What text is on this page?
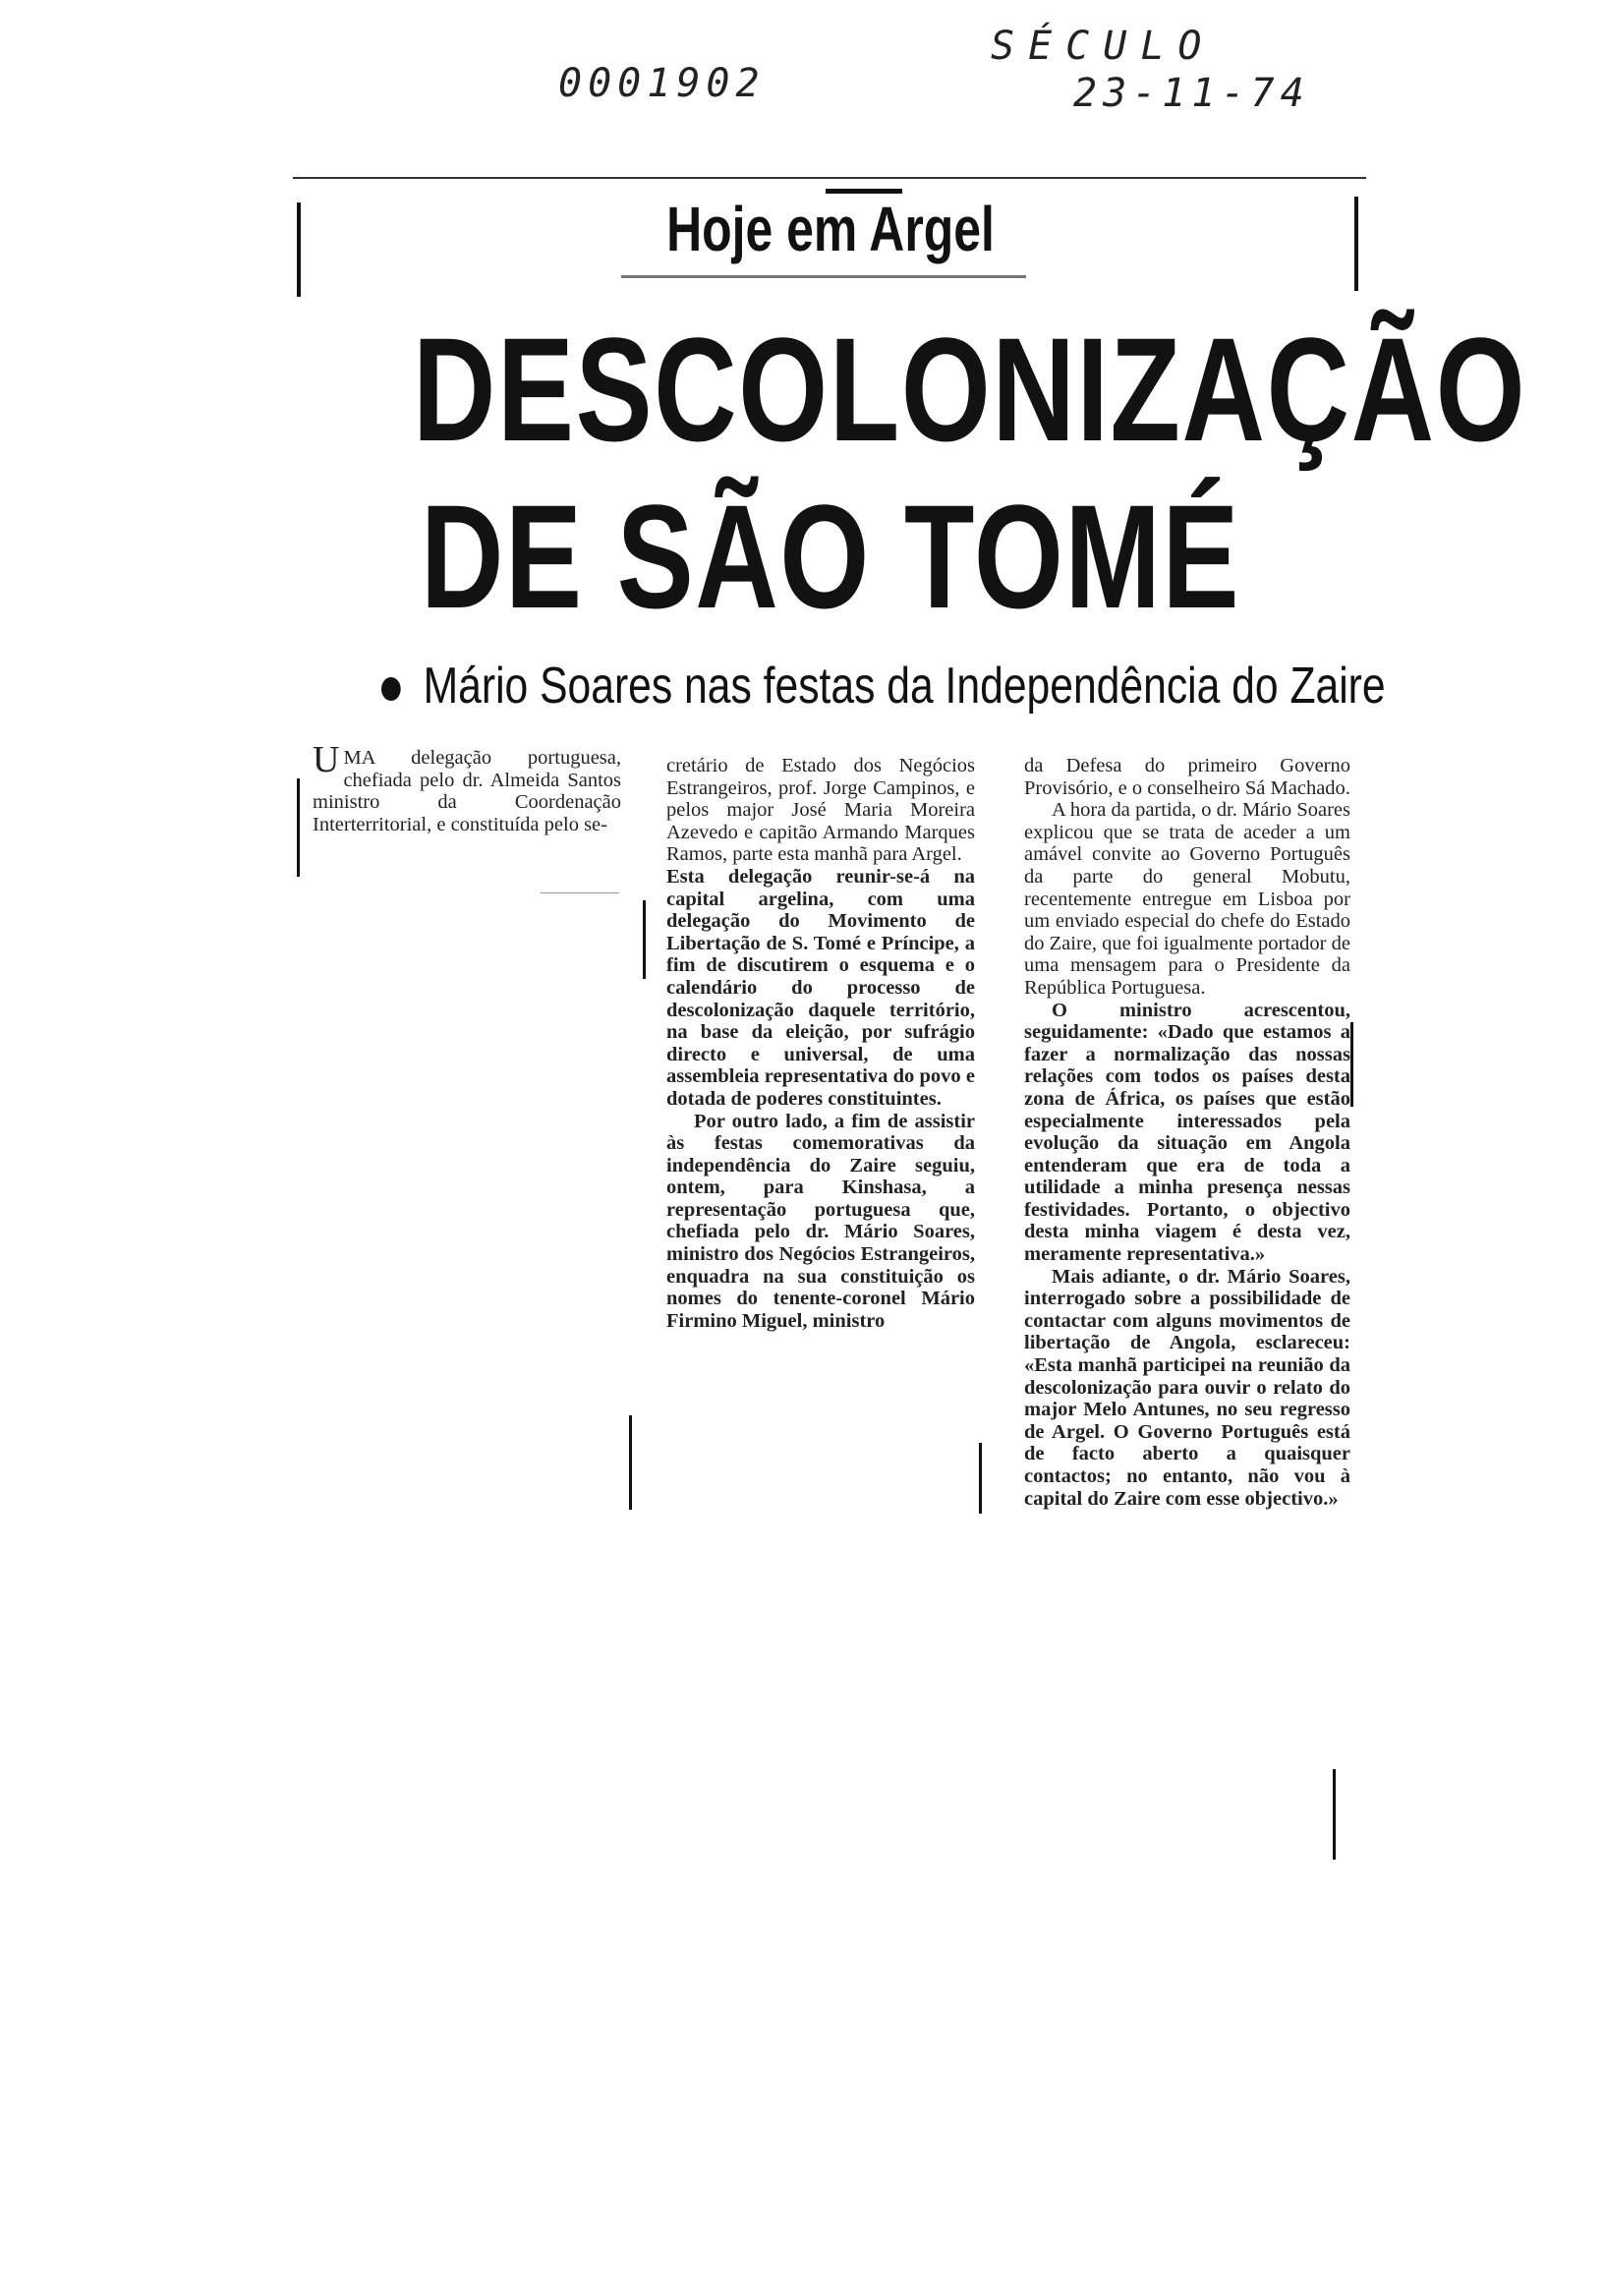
0001902
SÉCULO
23-11-74
Hoje em Argel
DESCOLONIZAÇÃO
DE SÃO TOMÉ
Mário Soares nas festas da Independência do Zaire

UMA delegação portuguesa, chefiada pelo dr. Almeida Santos ministro da Coordenação Interterritorial, e constituída pelo se-

cretário de Estado dos Negócios Estrangeiros, prof. Jorge Campinos, e pelos major José Maria Moreira Azevedo e capitão Armando Marques Ramos, parte esta manhã para Argel.

Esta delegação reunir-se-á na capital argelina, com uma delegação do Movimento de Libertação de S. Tomé e Príncipe, a fim de discutirem o esquema e o calendário do processo de descolonização daquele território, na base da eleição, por sufrágio directo e universal, de uma assembleia representativa do povo e dotada de poderes constituintes.

Por outro lado, a fim de assistir às festas comemorativas da independência do Zaire seguiu, ontem, para Kinshasa, a representação portuguesa que, chefiada pelo dr. Mário Soares, ministro dos Negócios Estrangeiros, enquadra na sua constituição os nomes do tenente-coronel Mário Firmino Miguel, ministro

da Defesa do primeiro Governo Provisório, e o conselheiro Sá Machado.

A hora da partida, o dr. Mário Soares explicou que se trata de aceder a um amável convite ao Governo Português da parte do general Mobutu, recentemente entregue em Lisboa por um enviado especial do chefe do Estado do Zaire, que foi igualmente portador de uma mensagem para o Presidente da República Portuguesa.

O ministro acrescentou, seguidamente: «Dado que estamos a fazer a normalização das nossas relações com todos os países desta zona de África, os países que estão especialmente interessados pela evolução da situação em Angola entenderam que era de toda a utilidade a minha presença nessas festividades. Portanto, o objectivo desta minha viagem é desta vez, meramente representativa.»

Mais adiante, o dr. Mário Soares, interrogado sobre a possibilidade de contactar com alguns movimentos de libertação de Angola, esclareceu: «Esta manhã participei na reunião da descolonização para ouvir o relato do major Melo Antunes, no seu regresso de Argel. O Governo Português está de facto aberto a quaisquer contactos; no entanto, não vou à capital do Zaire com esse objectivo.»
